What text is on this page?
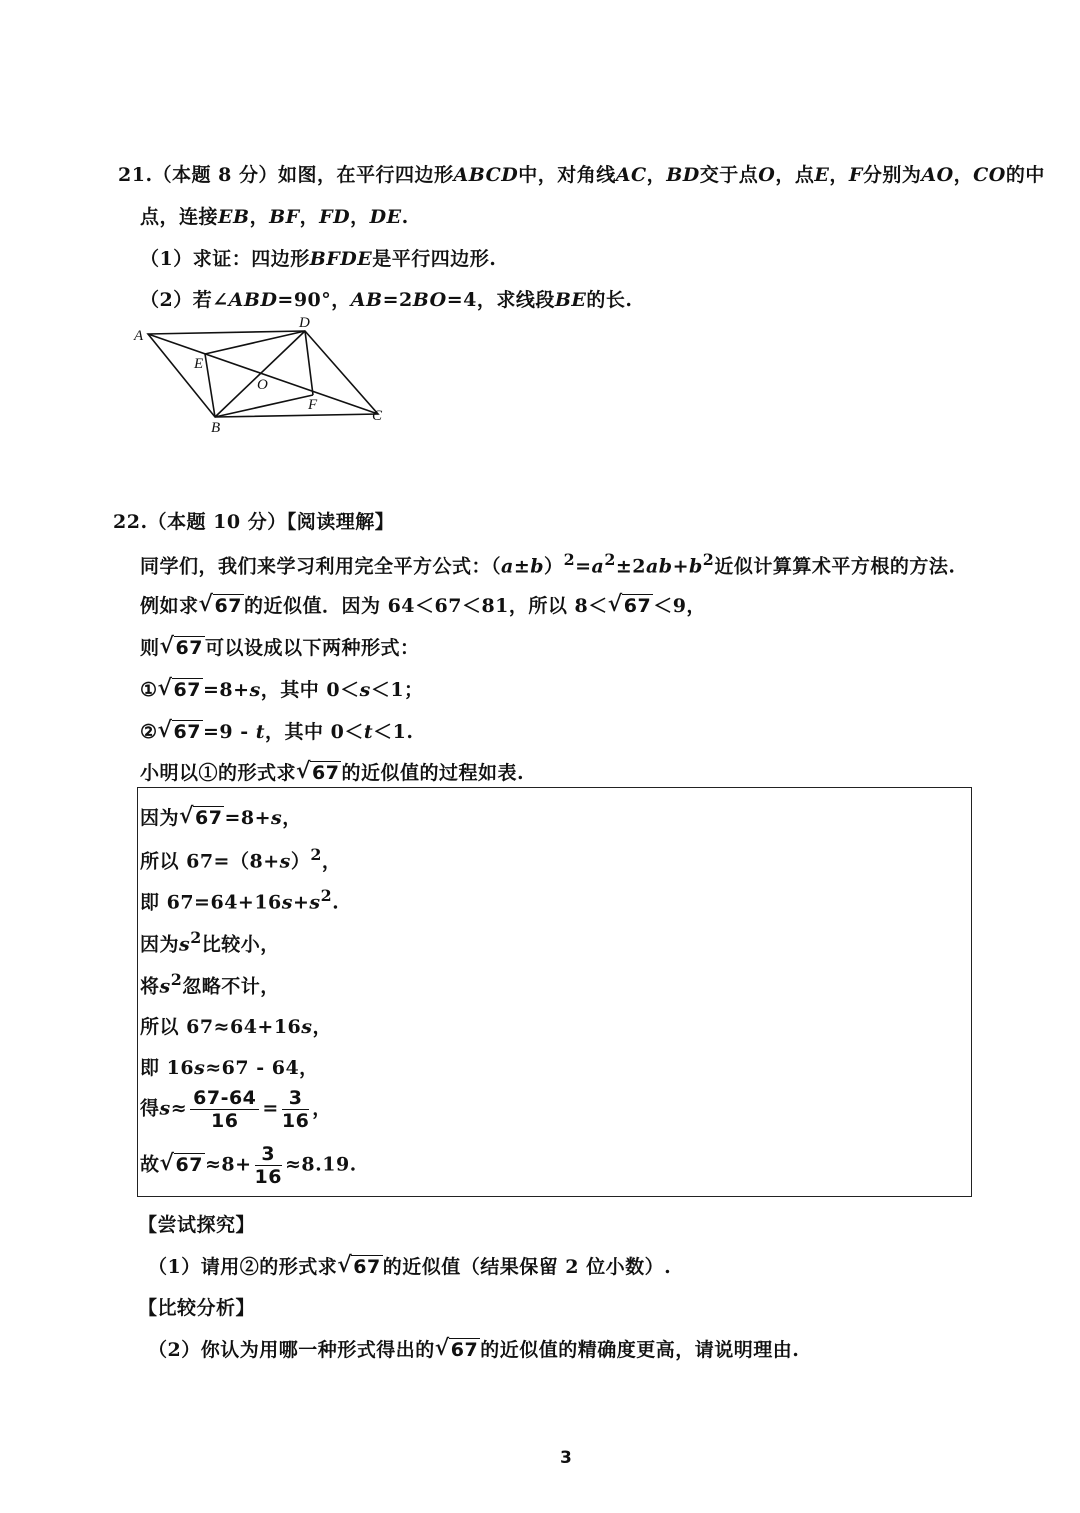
21.（本题 8 分）如图，在平行四边形ABCD中，对角线AC，BD交于点O，点E，F分别为AO，CO的中
点，连接EB，BF，FD，DE.
（1）求证：四边形BFDE是平行四边形.
（2）若∠ABD=90°，AB=2BO=4，求线段BE的长.
A
D
E
O
F
C
B
22.（本题 10 分）【阅读理解】
同学们，我们来学习利用完全平方公式：$(a\pm b)^2=a^2\pm 2ab+b^2$近似计算算术平方根的方法.
例如求 √ 67 的近似值．因为 64＜67＜81，所以 8＜ √ 67 ＜9，
则 √ 67 可以设成以下两种形式：
① √ 67 =8+s，其中 0＜s＜1；
② √ 67 =9 - t，其中 0＜t＜1.
小明以①的形式求 √ 67 的近似值的过程如表.
因为 √ 67 =8+s，
所以 $67=(8+s)^2$，
即 $67=64+16s+s^2$.
因为$s^2$比较小，
将$s^2$忽略不计，
所以 67≈64+16s，
即 16s≈67 - 64，
得$s\approx \frac{67-64}{16} = \frac{3}{16}$ ，
故 √ $67 \approx 8+ \frac{3}{16} \approx 8.19$.
【尝试探究】
（1）请用②的形式求 √ 67 的近似值（结果保留 2 位小数）.
【比较分析】
（2）你认为用哪一种形式得出的 √ 67 的近似值的精确度更高，请说明理由.
3
